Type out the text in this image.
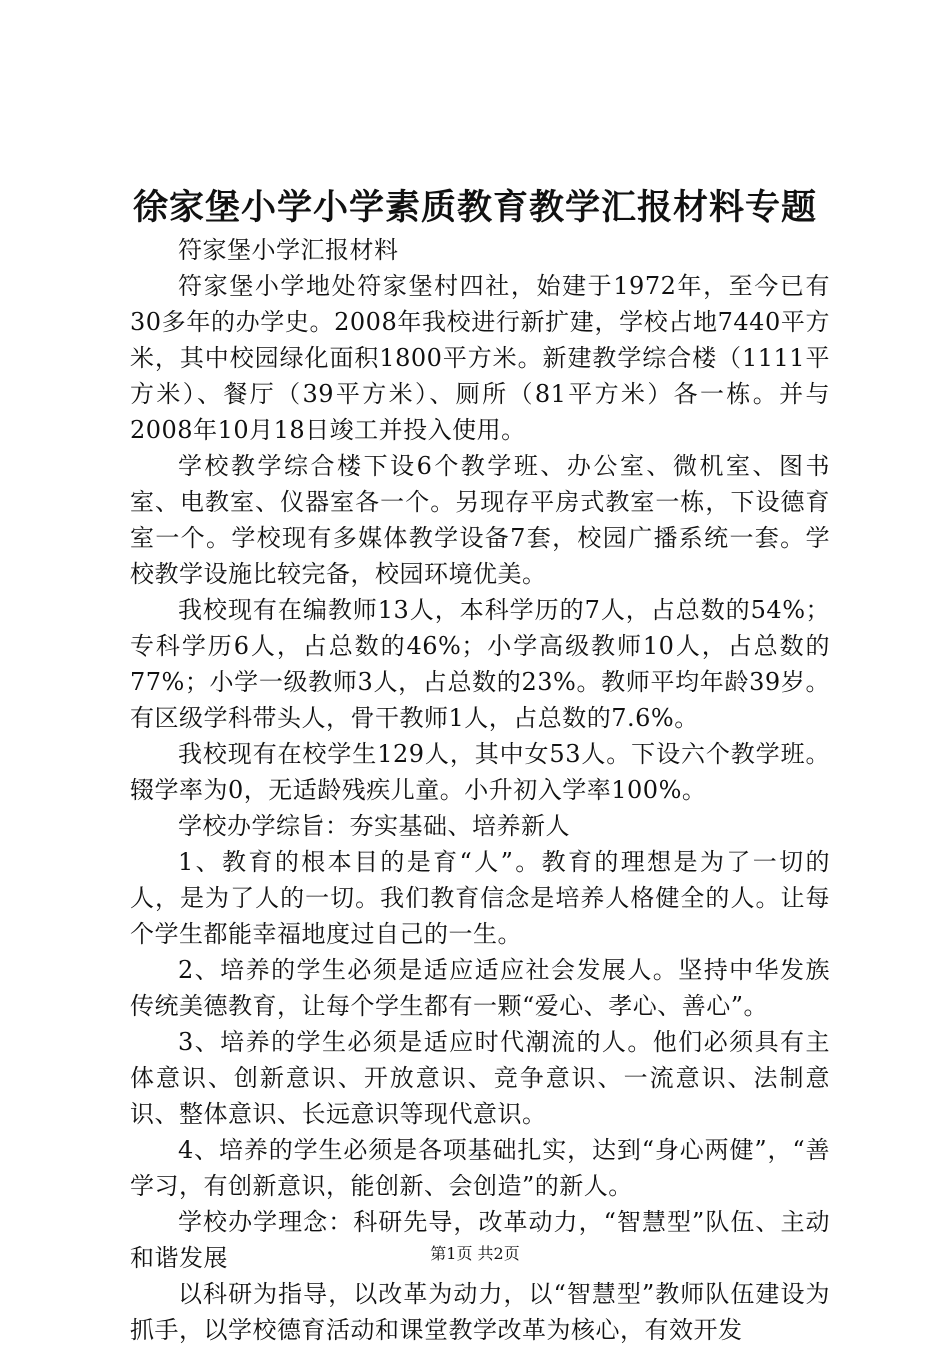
徐家堡小学小学素质教育教学汇报材料专题

符家堡小学汇报材料

符家堡小学地处符家堡村四社，始建于1972年，至今已有30多年的办学史。2008年我校进行新扩建，学校占地7440平方米，其中校园绿化面积1800平方米。新建教学综合楼（1111平方米）、餐厅（39平方米）、厕所（81平方米）各一栋。并与2008年10月18日竣工并投入使用。

学校教学综合楼下设6个教学班、办公室、微机室、图书室、电教室、仪器室各一个。另现存平房式教室一栋，下设德育室一个。学校现有多媒体教学设备7套，校园广播系统一套。学校教学设施比较完备，校园环境优美。

我校现有在编教师13人，本科学历的7人，占总数的54%；专科学历6人，占总数的46%；小学高级教师10人，占总数的77%；小学一级教师3人，占总数的23%。教师平均年龄39岁。有区级学科带头人，骨干教师1人，占总数的7.6%。

我校现有在校学生129人，其中女53人。下设六个教学班。辍学率为0，无适龄残疾儿童。小升初入学率100%。

学校办学综旨：夯实基础、培养新人

1、教育的根本目的是育“人”。教育的理想是为了一切的人，是为了人的一切。我们教育信念是培养人格健全的人。让每个学生都能幸福地度过自己的一生。

2、培养的学生必须是适应适应社会发展人。坚持中华发族传统美德教育，让每个学生都有一颗“爱心、孝心、善心”。

3、培养的学生必须是适应时代潮流的人。他们必须具有主体意识、创新意识、开放意识、竞争意识、一流意识、法制意识、整体意识、长远意识等现代意识。

4、培养的学生必须是各项基础扎实，达到“身心两健”，“善学习，有创新意识，能创新、会创造”的新人。

学校办学理念：科研先导，改革动力，“智慧型”队伍、主动和谐发展

以科研为指导，以改革为动力，以“智慧型”教师队伍建设为抓手，以学校德育活动和课堂教学改革为核心，有效开发

第1页 共2页
